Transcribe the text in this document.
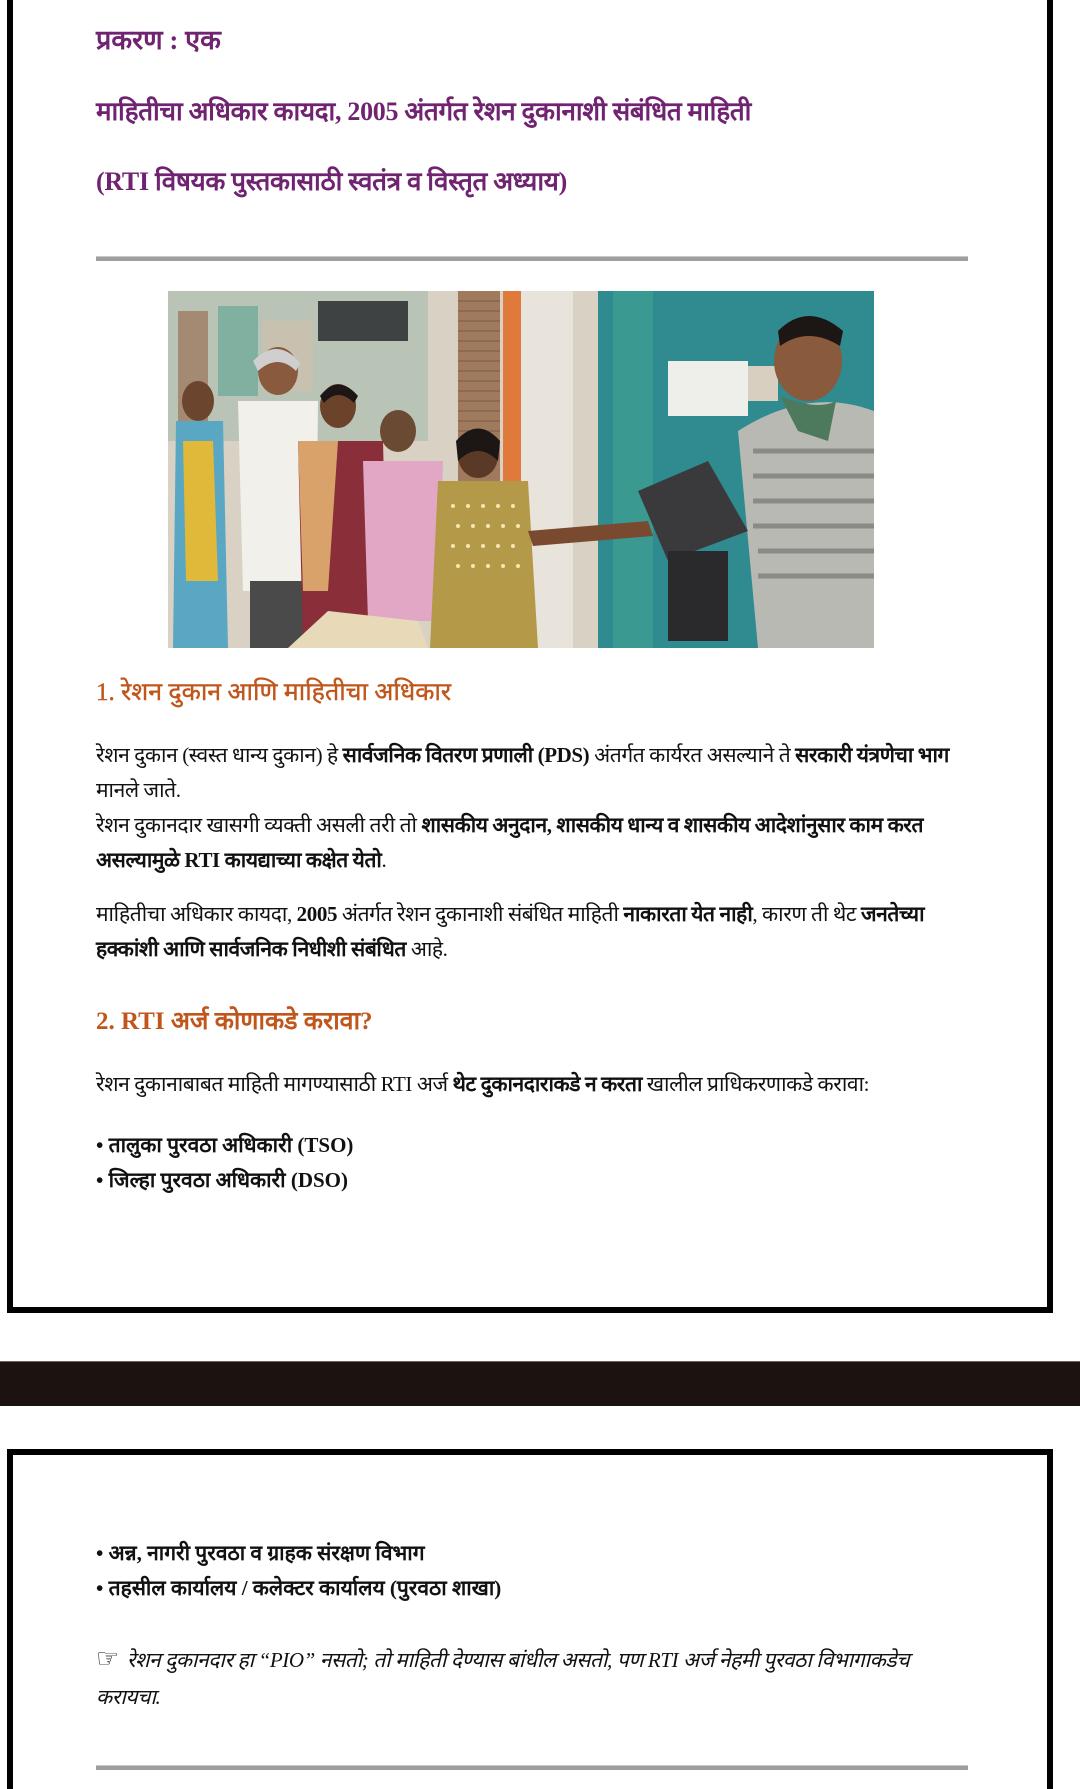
प्रकरण : एक
माहितीचा अधिकार कायदा, 2005 अंतर्गत रेशन दुकानाशी संबंधित माहिती
(RTI विषयक पुस्तकासाठी स्वतंत्र व विस्तृत अध्याय)
1. रेशन दुकान आणि माहितीचा अधिकार
रेशन दुकान (स्वस्त धान्य दुकान) हे सार्वजनिक वितरण प्रणाली (PDS) अंतर्गत कार्यरत असल्याने ते सरकारी यंत्रणेचा भाग मानले जाते.
रेशन दुकानदार खासगी व्यक्ती असली तरी तो शासकीय अनुदान, शासकीय धान्य व शासकीय आदेशांनुसार काम करत असल्यामुळे RTI कायद्याच्या कक्षेत येतो.
माहितीचा अधिकार कायदा, 2005 अंतर्गत रेशन दुकानाशी संबंधित माहिती नाकारता येत नाही, कारण ती थेट जनतेच्या हक्कांशी आणि सार्वजनिक निधीशी संबंधित आहे.
2. RTI अर्ज कोणाकडे करावा?
रेशन दुकानाबाबत माहिती मागण्यासाठी RTI अर्ज थेट दुकानदाराकडे न करता खालील प्राधिकरणाकडे करावा:
• तालुका पुरवठा अधिकारी (TSO)
• जिल्हा पुरवठा अधिकारी (DSO)
• अन्न, नागरी पुरवठा व ग्राहक संरक्षण विभाग
• तहसील कार्यालय / कलेक्टर कार्यालय (पुरवठा शाखा)
☞ रेशन दुकानदार हा “PIO” नसतो; तो माहिती देण्यास बांधील असतो, पण RTI अर्ज नेहमी पुरवठा विभागाकडेच करायचा.
